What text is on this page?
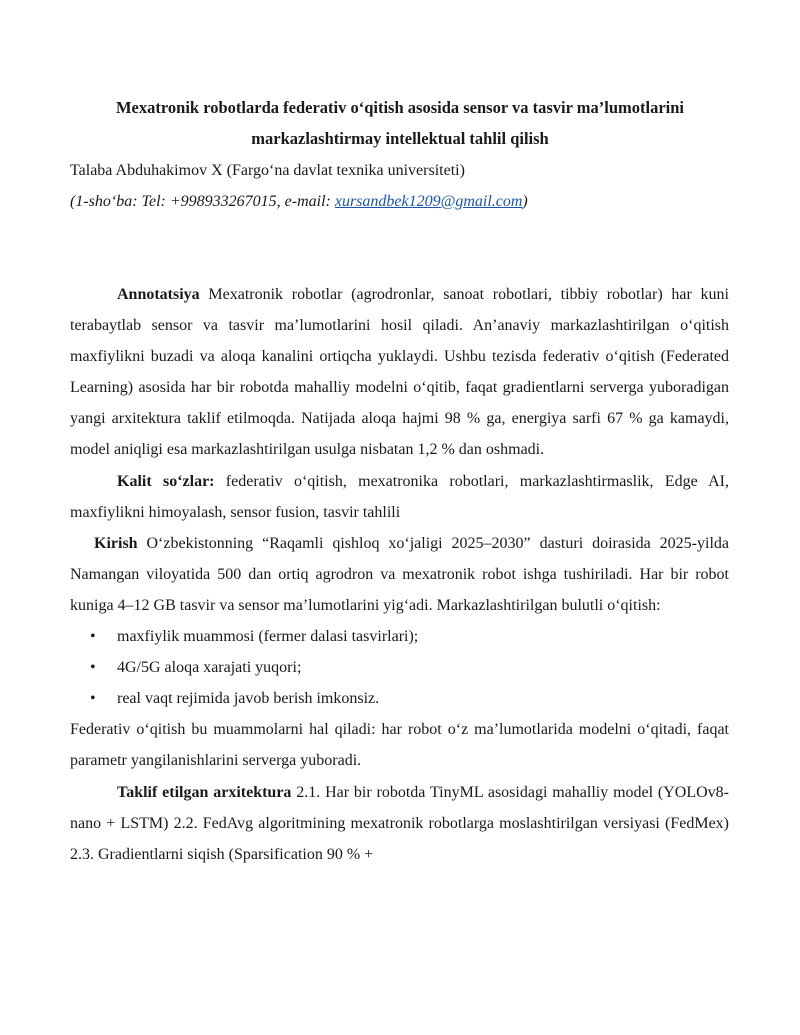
Mexatronik robotlarda federativ o‘qitish asosida sensor va tasvir ma’lumotlarini
markazlashtirmay intellektual tahlil qilish
Talaba Abduhakimov X (Fargo‘na davlat texnika universiteti)
(1-sho‘ba: Tel: +998933267015, e-mail: xursandbek1209@gmail.com)

Annotatsiya Mexatronik robotlar (agrodronlar, sanoat robotlari, tibbiy robotlar) har kuni terabaytlab sensor va tasvir ma’lumotlarini hosil qiladi. An’anaviy markazlashtirilgan o‘qitish maxfiylikni buzadi va aloqa kanalini ortiqcha yuklaydi. Ushbu tezisda federativ o‘qitish (Federated Learning) asosida har bir robotda mahalliy modelni o‘qitib, faqat gradientlarni serverga yuboradigan yangi arxitektura taklif etilmoqda. Natijada aloqa hajmi 98 % ga, energiya sarfi 67 % ga kamaydi, model aniqligi esa markazlashtirilgan usulga nisbatan 1,2 % dan oshmadi.

Kalit so‘zlar: federativ o‘qitish, mexatronika robotlari, markazlashtirmaslik, Edge AI, maxfiylikni himoyalash, sensor fusion, tasvir tahlili

Kirish O‘zbekistonning “Raqamli qishloq xo‘jaligi 2025–2030” dasturi doirasida 2025-yilda Namangan viloyatida 500 dan ortiq agrodron va mexatronik robot ishga tushiriladi. Har bir robot kuniga 4–12 GB tasvir va sensor ma’lumotlarini yig‘adi. Markazlashtirilgan bulutli o‘qitish:

• maxfiylik muammosi (fermer dalasi tasvirlari);
• 4G/5G aloqa xarajati yuqori;
• real vaqt rejimida javob berish imkonsiz.

Federativ o‘qitish bu muammolarni hal qiladi: har robot o‘z ma’lumotlarida modelni o‘qitadi, faqat parametr yangilanishlarini serverga yuboradi.

Taklif etilgan arxitektura 2.1. Har bir robotda TinyML asosidagi mahalliy model (YOLOv8-nano + LSTM) 2.2. FedAvg algoritmining mexatronik robotlarga moslashtirilgan versiyasi (FedMex) 2.3. Gradientlarni siqish (Sparsification 90 % +
